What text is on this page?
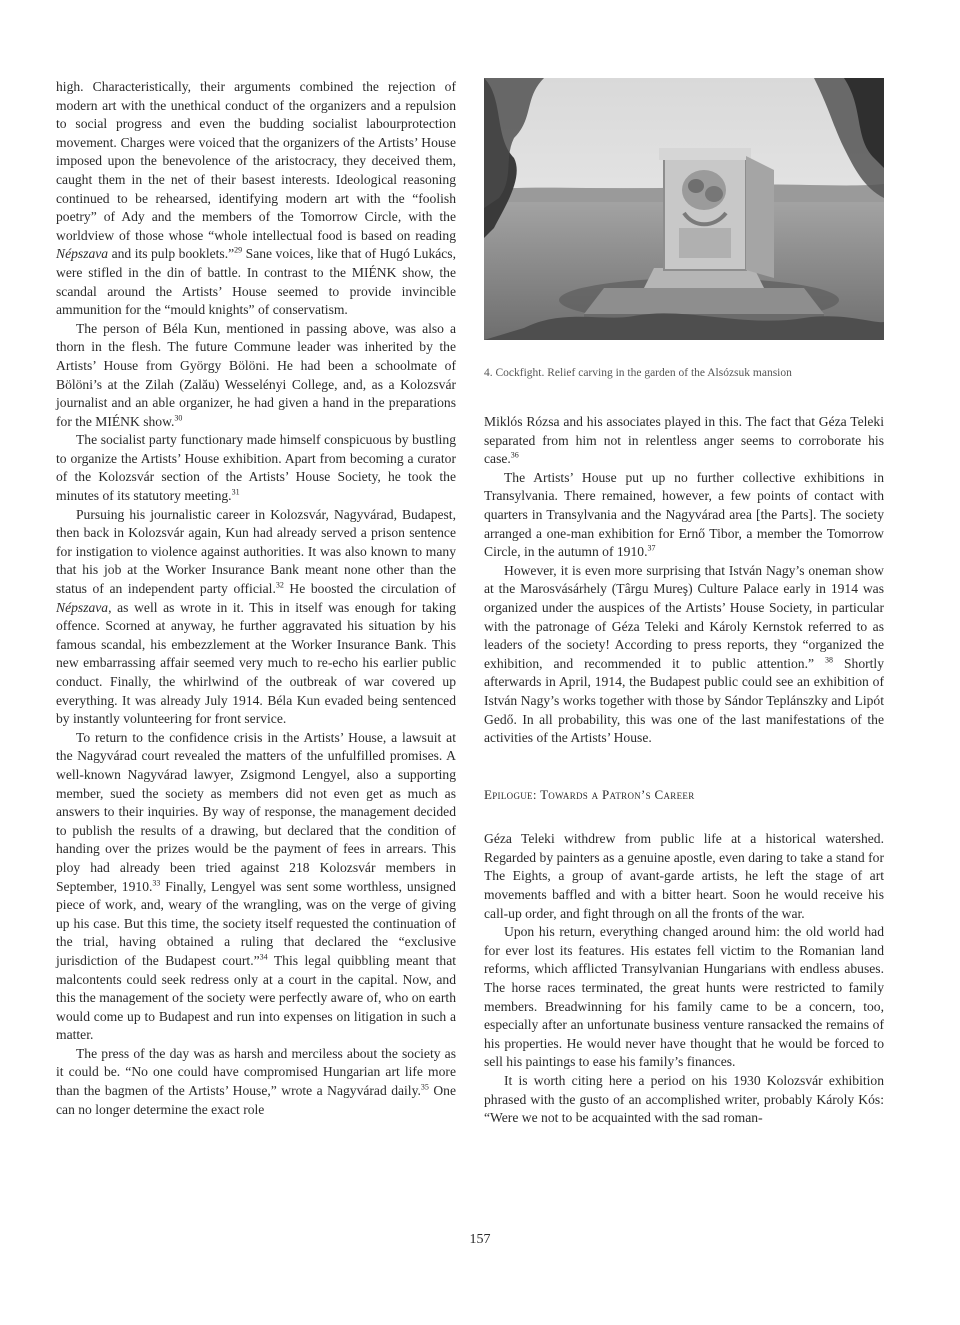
high. Characteristically, their arguments combined the rejection of modern art with the unethical conduct of the organizers and a repulsion to social progress and even the budding socialist labourprotection movement. Charges were voiced that the organizers of the Artists’ House imposed upon the benevolence of the aristocracy, they deceived them, caught them in the net of their basest interests. Ideological reasoning continued to be rehearsed, identifying modern art with the “foolish poetry” of Ady and the members of the Tomorrow Circle, with the worldview of those whose “whole intellectual food is based on reading Népszava and its pulp booklets.”$^{29}$ Sane voices, like that of Hugó Lukács, were stifled in the din of battle. In contrast to the MIÉNK show, the scandal around the Artists’ House seemed to provide invincible ammunition for the “mould knights” of conservatism.

The person of Béla Kun, mentioned in passing above, was also a thorn in the flesh. The future Commune leader was inherited by the Artists’ House from György Bölöni. He had been a schoolmate of Bölöni’s at the Zilah (Zalău) Wesselényi College, and, as a Kolozsvár journalist and an able organizer, he had given a hand in the preparations for the MIÉNK show.$^{30}$

The socialist party functionary made himself conspicuous by bustling to organize the Artists’ House exhibition. Apart from becoming a curator of the Kolozsvár section of the Artists’ House Society, he took the minutes of its statutory meeting.$^{31}$

Pursuing his journalistic career in Kolozsvár, Nagyvárad, Budapest, then back in Kolozsvár again, Kun had already served a prison sentence for instigation to violence against authorities. It was also known to many that his job at the Worker Insurance Bank meant none other than the status of an independent party official.$^{32}$ He boosted the circulation of Népszava, as well as wrote in it. This in itself was enough for taking offence. Scorned at anyway, he further aggravated his situation by his famous scandal, his embezzlement at the Worker Insurance Bank. This new embarrassing affair seemed very much to re-echo his earlier public conduct. Finally, the whirlwind of the outbreak of war covered up everything. It was already July 1914. Béla Kun evaded being sentenced by instantly volunteering for front service.

To return to the confidence crisis in the Artists’ House, a lawsuit at the Nagyvárad court revealed the matters of the unfulfilled promises. A well-known Nagyvárad lawyer, Zsigmond Lengyel, also a supporting member, sued the society as members did not even get as much as answers to their inquiries. By way of response, the management decided to publish the results of a drawing, but declared that the condition of handing over the prizes would be the payment of fees in arrears. This ploy had already been tried against 218 Kolozsvár members in September, 1910.33 Finally, Lengyel was sent some worthless, unsigned piece of work, and, weary of the wrangling, was on the verge of giving up his case. But this time, the society itself requested the continuation of the trial, having obtained a ruling that declared the “exclusive jurisdiction of the Budapest court.”$^{34}$ This legal quibbling meant that malcontents could seek redress only at a court in the capital. Now, and this the management of the society were perfectly aware of, who on earth would come up to Budapest and run into expenses on litigation in such a matter.

The press of the day was as harsh and merciless about the society as it could be. “No one could have compromised Hungarian art life more than the bagmen of the Artists’ House,” wrote a Nagyvárad daily.$^{35}$ One can no longer determine the exact role

4. Cockfight. Relief carving in the garden of the Alsózsuk mansion

Miklós Rózsa and his associates played in this. The fact that Géza Teleki separated from him not in relentless anger seems to corroborate his case.$^{36}$

The Artists’ House put up no further collective exhibitions in Transylvania. There remained, however, a few points of contact with quarters in Transylvania and the Nagyvárad area [the Parts]. The society arranged a one-man exhibition for Ernő Tibor, a member the Tomorrow Circle, in the autumn of 1910.37

However, it is even more surprising that István Nagy’s oneman show at the Marosvásárhely (Târgu Mureş) Culture Palace early in 1914 was organized under the auspices of the Artists’ House Society, in particular with the patronage of Géza Teleki and Károly Kernstok referred to as leaders of the society! According to press reports, they “organized the exhibition, and recommended it to public attention.” $^{38}$ Shortly afterwards in April, 1914, the Budapest public could see an exhibition of István Nagy’s works together with those by Sándor Teplánszky and Lipót Gedő. In all probability, this was one of the last manifestations of the activities of the Artists’ House.

Epilogue: Towards a Patron’s Career

Géza Teleki withdrew from public life at a historical watershed. Regarded by painters as a genuine apostle, even daring to take a stand for The Eights, a group of avant-garde artists, he left the stage of art movements baffled and with a bitter heart. Soon he would receive his call-up order, and fight through on all the fronts of the war.

Upon his return, everything changed around him: the old world had for ever lost its features. His estates fell victim to the Romanian land reforms, which afflicted Transylvanian Hungarians with endless abuses. The horse races terminated, the great hunts were restricted to family members. Breadwinning for his family came to be a concern, too, especially after an unfortunate business venture ransacked the remains of his properties. He would never have thought that he would be forced to sell his paintings to ease his family’s finances.

It is worth citing here a period on his 1930 Kolozsvár exhibition phrased with the gusto of an accomplished writer, probably Károly Kós: “Were we not to be acquainted with the sad roman-

157
